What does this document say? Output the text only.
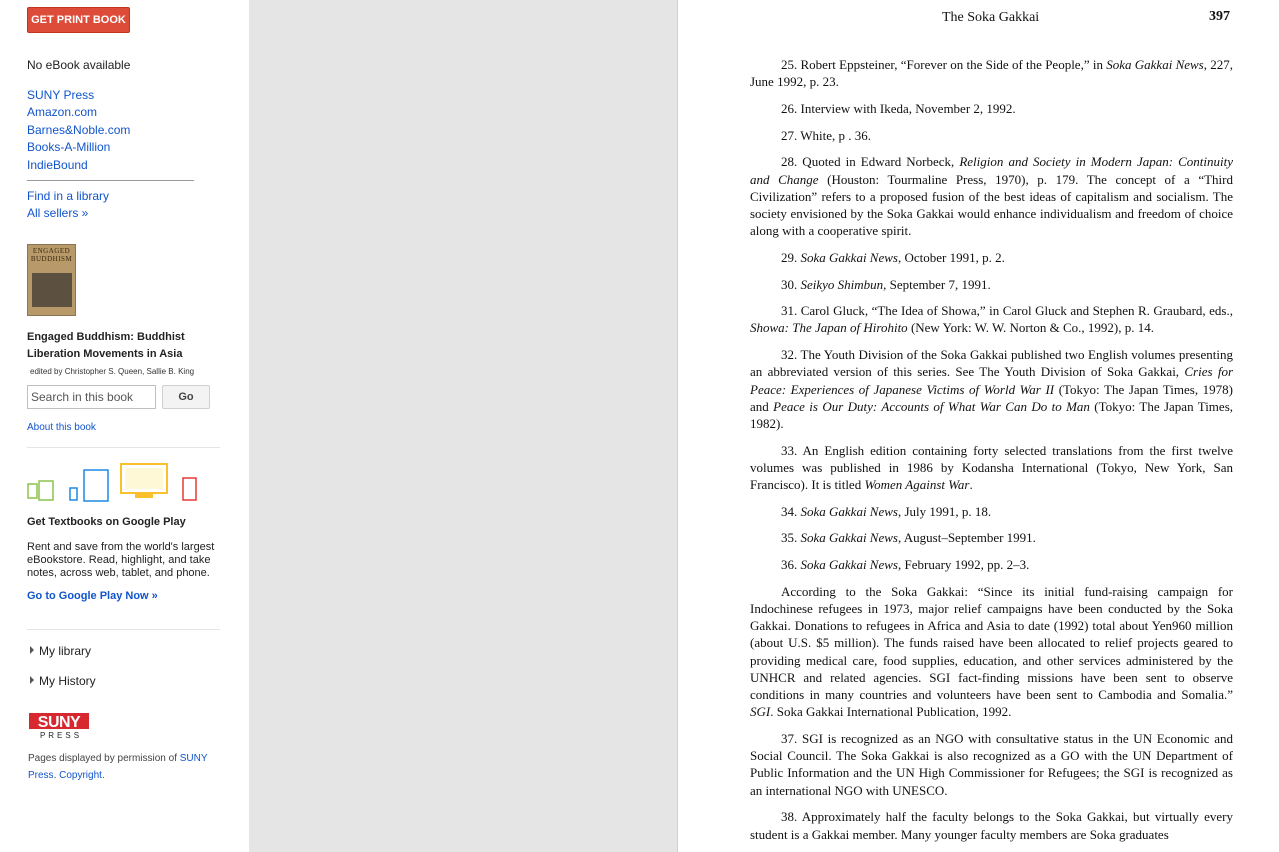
GET PRINT BOOK
No eBook available
SUNY Press
Amazon.com
Barnes&Noble.com
Books-A-Million
IndieBound
Find in a library
All sellers »
ENGAGED
BUDDHISM
Engaged Buddhism: Buddhist Liberation Movements in Asia
edited by Christopher S. Queen, Sallie B. King
Search in this book	Go
About this book
Get Textbooks on Google Play
Rent and save from the world's largest eBookstore. Read, highlight, and take notes, across web, tablet, and phone.
Go to Google Play Now »
My library
My History
SUNY
PRESS
Pages displayed by permission of SUNY Press. Copyright.
The Soka Gakkai	397

25. Robert Eppsteiner, “Forever on the Side of the People,” in Soka Gakkai News, 227, June 1992, p. 23.

26. Interview with Ikeda, November 2, 1992.

27. White, p . 36.

28. Quoted in Edward Norbeck, Religion and Society in Modern Japan: Continuity and Change (Houston: Tourmaline Press, 1970), p. 179. The concept of a “Third Civilization” refers to a proposed fusion of the best ideas of capitalism and socialism. The society envisioned by the Soka Gakkai would enhance individualism and freedom of choice along with a cooperative spirit.

29. Soka Gakkai News, October 1991, p. 2.

30. Seikyo Shimbun, September 7, 1991.

31. Carol Gluck, “The Idea of Showa,” in Carol Gluck and Stephen R. Graubard, eds., Showa: The Japan of Hirohito (New York: W. W. Norton & Co., 1992), p. 14.

32. The Youth Division of the Soka Gakkai published two English volumes presenting an abbreviated version of this series. See The Youth Division of Soka Gakkai, Cries for Peace: Experiences of Japanese Victims of World War II (Tokyo: The Japan Times, 1978) and Peace is Our Duty: Accounts of What War Can Do to Man (Tokyo: The Japan Times, 1982).

33. An English edition containing forty selected translations from the first twelve volumes was published in 1986 by Kodansha International (Tokyo, New York, San Francisco). It is titled Women Against War.

34. Soka Gakkai News, July 1991, p. 18.

35. Soka Gakkai News, August–September 1991.

36. Soka Gakkai News, February 1992, pp. 2–3.

According to the Soka Gakkai: “Since its initial fund-raising campaign for Indochinese refugees in 1973, major relief campaigns have been conducted by the Soka Gakkai. Donations to refugees in Africa and Asia to date (1992) total about Yen960 million (about U.S. $5 million). The funds raised have been allocated to relief projects geared to providing medical care, food supplies, education, and other services administered by the UNHCR and related agencies. SGI fact-finding missions have been sent to observe conditions in many countries and volunteers have been sent to Cambodia and Somalia.” SGI. Soka Gakkai International Publication, 1992.

37. SGI is recognized as an NGO with consultative status in the UN Economic and Social Council. The Soka Gakkai is also recognized as a GO with the UN Department of Public Information and the UN High Commissioner for Refugees; the SGI is recognized as an international NGO with UNESCO.

38. Approximately half the faculty belongs to the Soka Gakkai, but virtually every student is a Gakkai member. Many younger faculty members are Soka graduates
